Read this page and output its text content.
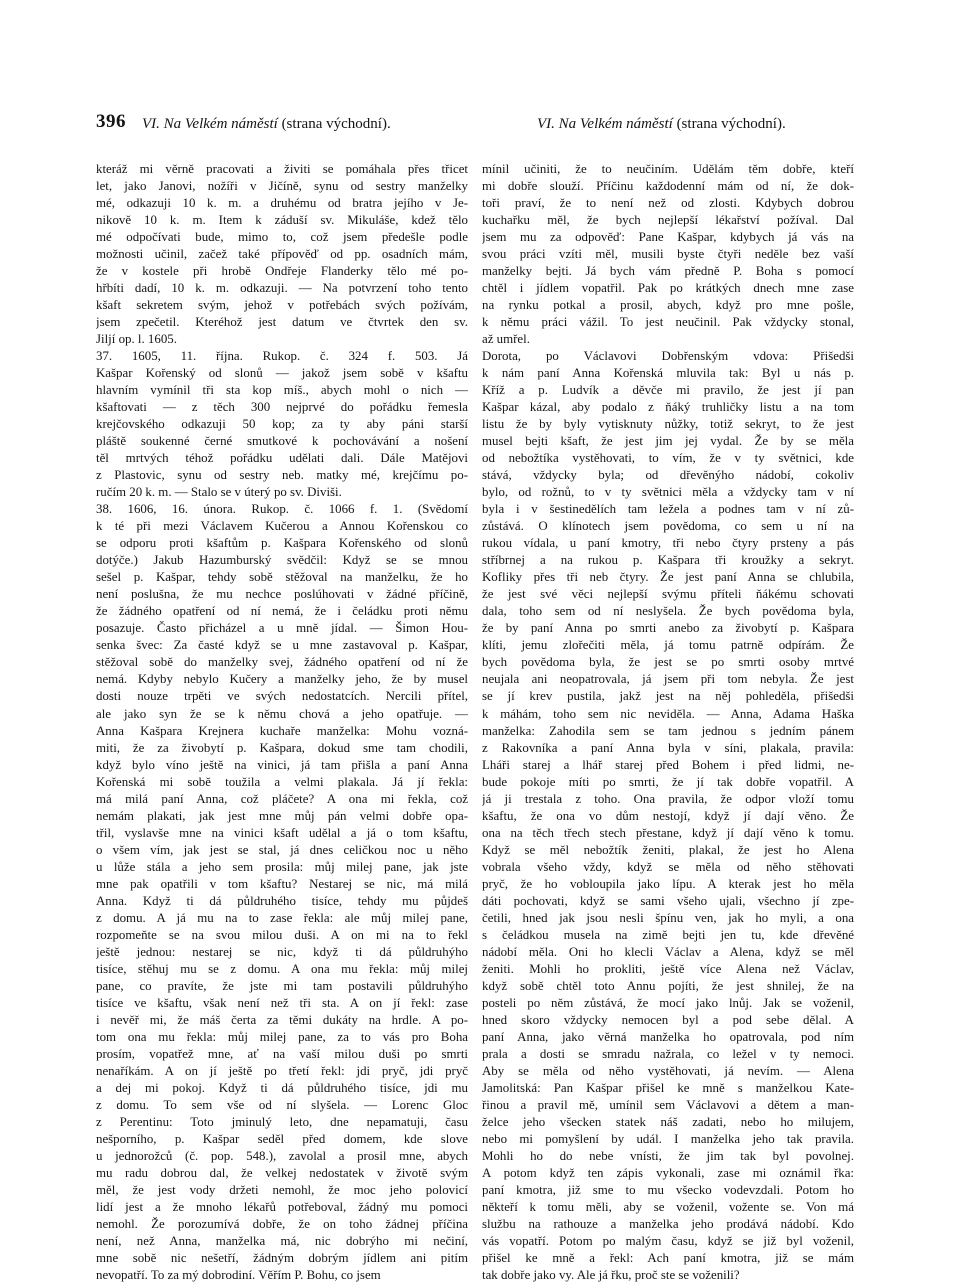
396 VI. Na Velkém náměstí (strana východní).	VI. Na Velkém náměstí (strana východní).
kteráž mi věrně pracovati a živiti se pomáhala přes třicet
let, jako Janovi, nožíři v Jičíně, synu od sestry manželky
mé, odkazuji 10 k. m. a druhému od bratra jejího v Je-
nikově 10 k. m. Item k záduší sv. Mikuláše, kdež tělo
mé odpočívati bude, mimo to, což jsem předešle podle
možnosti učinil, začež také přípověď od pp. osadních mám,
že v kostele při hrobě Ondřeje Flanderky tělo mé po-
hřbíti dadí, 10 k. m. odkazuji. — Na potvrzení toho tento
kšaft sekretem svým, jehož v potřebách svých požívám,
jsem zpečetil. Kteréhož jest datum ve čtvrtek den sv.
Jiljí op. l. 1605.
37. 1605, 11. října. Rukop. č. 324 f. 503. Já
Kašpar Kořenský od slonů — jakož jsem sobě v kšaftu
hlavním vymínil tři sta kop míš., abych mohl o nich —
kšaftovati — z těch 300 nejprvé do pořádku řemesla
krejčovského odkazuji 50 kop; za ty aby páni starší
pláště soukenné černé smutkové k pochovávání a nošení
těl mrtvých téhož pořádku udělati dali. Dále Matějovi
z Plastovic, synu od sestry neb. matky mé, krejčímu po-
ručím 20 k. m. — Stalo se v úterý po sv. Diviši.
38. 1606, 16. února. Rukop. č. 1066 f. 1. (Svědomí
k té při mezi Václavem Kučerou a Annou Kořenskou co
se odporu proti kšaftům p. Kašpara Kořenského od slonů
dotýče.) Jakub Hazumburský svědčil: Když se se mnou
sešel p. Kašpar, tehdy sobě stěžoval na manželku, že ho
není poslušna, že mu nechce poslúhovati v žádné příčině,
že žádného opatření od ní nemá, že i čeládku proti němu
posazuje. Často přicházel a u mně jídal. — Šimon Hou-
senka švec: Za časté když se u mne zastavoval p. Kašpar,
stěžoval sobě do manželky svej, žádného opatření od ní že
nemá. Kdyby nebylo Kučery a manželky jeho, že by musel
dosti nouze trpěti ve svých nedostatcích. Nercili přítel,
ale jako syn že se k němu chová a jeho opatřuje. —
Anna Kašpara Krejnera kuchaře manželka: Mohu vozná-
miti, že za živobytí p. Kašpara, dokud sme tam chodili,
když bylo víno ještě na vinici, já tam přišla a paní Anna
Kořenská mi sobě toužila a velmi plakala. Já jí řekla:
má milá paní Anna, což pláčete? A ona mi řekla, což
nemám plakati, jak jest mne můj pán velmi dobře opa-
třil, vyslavše mne na vinici kšaft udělal a já o tom kšaftu,
o všem vím, jak jest se stal, já dnes celičkou noc u něho
u lůže stála a jeho sem prosila: můj milej pane, jak jste
mne pak opatřili v tom kšaftu? Nestarej se nic, má milá
Anna. Když ti dá půldruhého tisíce, tehdy mu půjdeš
z domu. A já mu na to zase řekla: ale můj milej pane,
rozpomeňte se na svou milou duši. A on mi na to řekl
ještě jednou: nestarej se nic, když ti dá půldruhýho
tisíce, stěhuj mu se z domu. A ona mu řekla: můj milej
pane, co pravíte, že jste mi tam postavili půldruhýho
tisíce ve kšaftu, však není než tři sta. A on jí řekl: zase
i nevěř mi, že máš čerta za těmi dukáty na hrdle. A po-
tom ona mu řekla: můj milej pane, za to vás pro Boha
prosím, vopatřež mne, ať na vaší milou duši po smrti
nenaříkám. A on jí ještě po třetí řekl: jdi pryč, jdi pryč
a dej mi pokoj. Když ti dá půldruhého tisíce, jdi mu
z domu. To sem vše od ní slyšela. — Lorenc Gloc
z Perentinu: Toto jminulý leto, dne nepamatuji, času
nešporního, p. Kašpar seděl před domem, kde slove
u jednorožců (č. pop. 548.), zavolal a prosil mne, abych
mu radu dobrou dal, že velkej nedostatek v životě svým
měl, že jest vody držeti nemohl, že moc jeho polovicí
lidí jest a že mnoho lékařů potřeboval, žádný mu pomoci
nemohl. Že porozumívá dobře, že on toho žádnej příčina
není, než Anna, manželka má, nic dobrýho mi nečiní,
mne sobě nic nešetří, žádným dobrým jídlem ani pitím
nevopatří. To za mý dobrodiní. Věřím P. Bohu, co jsem
mínil učiniti, že to neučiním. Udělám těm dobře, kteří
mi dobře slouží. Příčinu každodenní mám od ní, že dok-
toři praví, že to není než od zlosti. Kdybych dobrou
kuchařku měl, že bych nejlepší lékařství požíval. Dal
jsem mu za odpověď: Pane Kašpar, kdybych já vás na
svou práci vzíti měl, musili byste čtyři neděle bez vaší
manželky bejti. Já bych vám předně P. Boha s pomocí
chtěl i jídlem vopatřil. Pak po krátkých dnech mne zase
na rynku potkal a prosil, abych, když pro mne pošle,
k němu práci vážil. To jest neučinil. Pak vždycky stonal,
až umřel.
Dorota, po Václavovi Dobřenským vdova: Přišedši
k nám paní Anna Kořenská mluvila tak: Byl u nás p.
Kříž a p. Ludvík a děvče mi pravilo, že jest jí pan
Kašpar kázal, aby podalo z ňáký truhličky listu a na tom
listu že by byly vytisknuty nůžky, totiž sekryt, to že jest
musel bejti kšaft, že jest jim jej vydal. Že by se měla
od nebožtíka vystěhovati, to vím, že v ty světnici, kde
stává, vždycky byla; od dřevěnýho nádobí, cokoliv
bylo, od rožnů, to v ty světnici měla a vždycky tam v ní
byla i v šestinedělích tam ležela a podnes tam v ní zů-
zůstává. O klínotech jsem povědoma, co sem u ní na
rukou vídala, u paní kmotry, tři nebo čtyry prsteny a pás
stříbrnej a na rukou p. Kašpara tři kroužky a sekryt.
Kofliky přes tři neb čtyry. Že jest paní Anna se chlubila,
že jest své věci nejlepší svýmu příteli ňákému schovati
dala, toho sem od ní neslyšela. Že bych povědoma byla,
že by paní Anna po smrti anebo za živobytí p. Kašpara
klíti, jemu zlořečiti měla, já tomu patrně odpírám. Že
bych povědoma byla, že jest se po smrti osoby mrtvé
neujala ani neopatrovala, já jsem při tom nebyla. Že jest
se jí krev pustila, jakž jest na něj pohleděla, přišedši
k máhám, toho sem nic neviděla. — Anna, Adama Haška
manželka: Zahodila sem se tam jednou s jedním pánem
z Rakovníka a paní Anna byla v síni, plakala, pravila:
Lháři starej a lhář starej před Bohem i před lidmi, ne-
bude pokoje míti po smrti, že jí tak dobře vopatřil. A
já ji trestala z toho. Ona pravila, že odpor vloží tomu
kšaftu, že ona vo dům nestojí, když jí dají věno. Že
ona na těch třech stech přestane, když jí dají věno k tomu.
Když se měl nebožtík ženiti, plakal, že jest ho Alena
vobrala všeho vždy, když se měla od něho stěhovati
pryč, že ho vobloupila jako lípu. A kterak jest ho měla
dáti pochovati, když se sami všeho ujali, všechno jí zpe-
četili, hned jak jsou nesli špínu ven, jak ho myli, a ona
s čeládkou musela na zimě bejti jen tu, kde dřevěné
nádobí měla. Oni ho klecli Václav a Alena, když se měl
ženiti. Mohli ho prokliti, ještě více Alena než Václav,
když sobě chtěl toto Annu pojíti, že jest shnilej, že na
posteli po něm zůstává, že mocí jako lnůj. Jak se voženil,
hned skoro vždycky nemocen byl a pod sebe dělal. A
paní Anna, jako věrná manželka ho opatrovala, pod ním
prala a dosti se smradu nažrala, co ležel v ty nemoci.
Aby se měla od něho vystěhovati, já nevím. — Alena
Jamolitská: Pan Kašpar přišel ke mně s manželkou Kate-
řinou a pravil mě, umínil sem Václavovi a dětem a man-
želce jeho všecken statek náš zadati, nebo ho milujem,
nebo mi pomyšlení by udál. I manželka jeho tak pravila.
Mohli ho do nebe vnísti, že jim tak byl povolnej.
A potom když ten zápis vykonali, zase mi oznámil řka:
paní kmotra, již sme to mu všecko vodevzdali. Potom ho
někteří k tomu měli, aby se voženil, vožente se. Von má
službu na rathouze a manželka jeho prodává nádobí. Kdo
vás vopatří. Potom po malým času, když se již byl voženil,
přišel ke mně a řekl: Ach paní kmotra, již se mám
tak dobře jako vy. Ale já řku, proč ste se voženili?
